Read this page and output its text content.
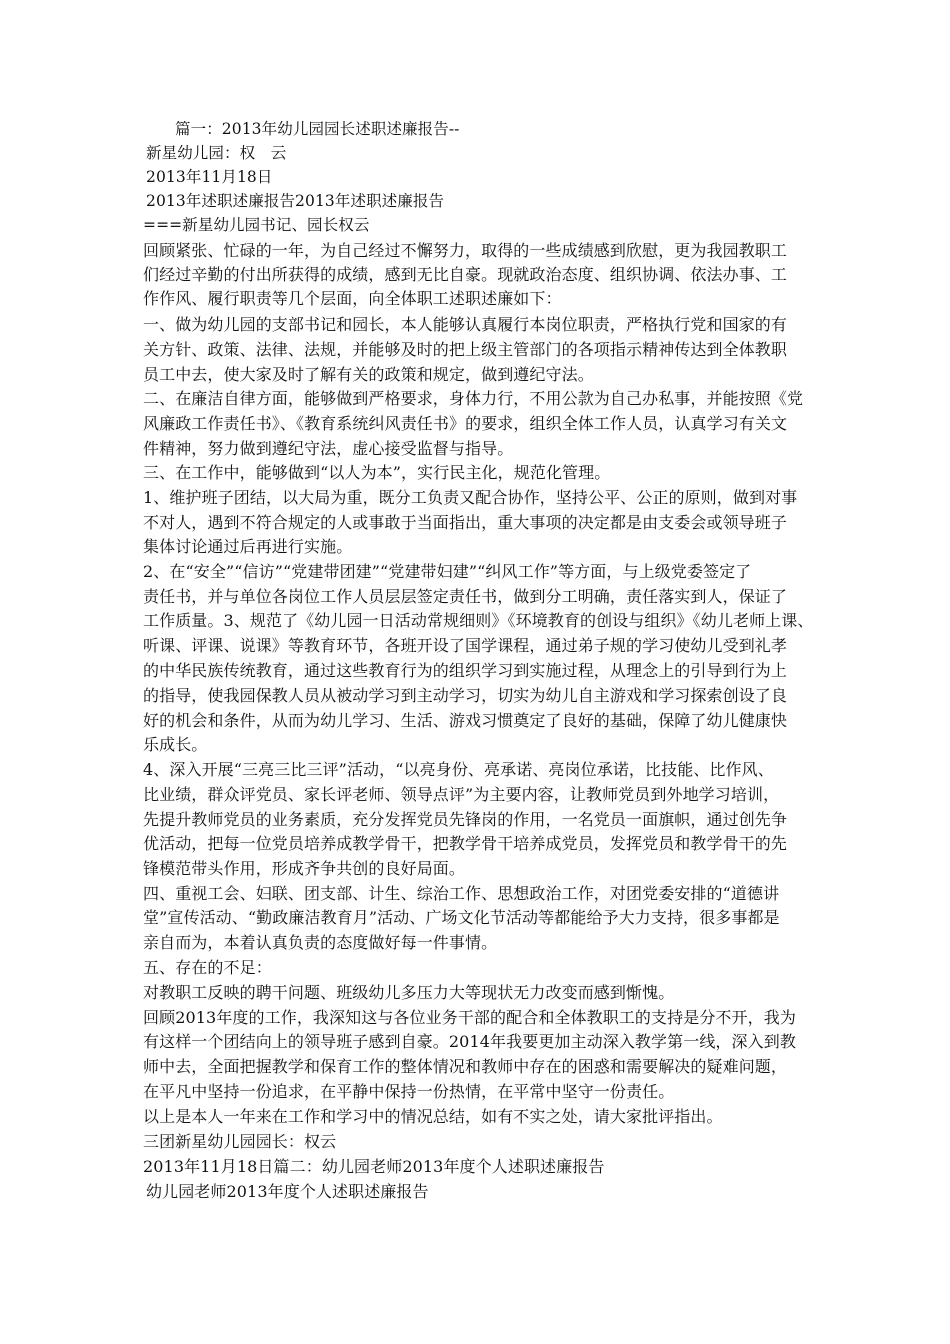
篇一：2013年幼儿园园长述职述廉报告--
新星幼儿园：权　云
2013年11月18日
2013年述职述廉报告2013年述职述廉报告
===新星幼儿园书记、园长权云
回顾紧张、忙碌的一年，为自己经过不懈努力，取得的一些成绩感到欣慰，更为我园教职工
们经过辛勤的付出所获得的成绩，感到无比自豪。现就政治态度、组织协调、依法办事、工
作作风、履行职责等几个层面，向全体职工述职述廉如下：
一、做为幼儿园的支部书记和园长，本人能够认真履行本岗位职责，严格执行党和国家的有
关方针、政策、法律、法规，并能够及时的把上级主管部门的各项指示精神传达到全体教职
员工中去，使大家及时了解有关的政策和规定，做到遵纪守法。
二、在廉洁自律方面，能够做到严格要求，身体力行，不用公款为自己办私事，并能按照《党
风廉政工作责任书》、《教育系统纠风责任书》的要求，组织全体工作人员，认真学习有关文
件精神，努力做到遵纪守法，虚心接受监督与指导。
三、在工作中，能够做到“以人为本”，实行民主化，规范化管理。
1、维护班子团结，以大局为重，既分工负责又配合协作，坚持公平、公正的原则，做到对事
不对人，遇到不符合规定的人或事敢于当面指出，重大事项的决定都是由支委会或领导班子
集体讨论通过后再进行实施。
2、在“安全”“信访”“党建带团建”“党建带妇建”“纠风工作”等方面，与上级党委签定了
责任书，并与单位各岗位工作人员层层签定责任书，做到分工明确，责任落实到人，保证了
工作质量。3、规范了《幼儿园一日活动常规细则》《环境教育的创设与组织》《幼儿老师上课、
听课、评课、说课》等教育环节，各班开设了国学课程，通过弟子规的学习使幼儿受到礼孝
的中华民族传统教育，通过这些教育行为的组织学习到实施过程，从理念上的引导到行为上
的指导，使我园保教人员从被动学习到主动学习，切实为幼儿自主游戏和学习探索创设了良
好的机会和条件，从而为幼儿学习、生活、游戏习惯奠定了良好的基础，保障了幼儿健康快
乐成长。
4、深入开展“三亮三比三评”活动，“以亮身份、亮承诺、亮岗位承诺，比技能、比作风、
比业绩，群众评党员、家长评老师、领导点评”为主要内容，让教师党员到外地学习培训，
先提升教师党员的业务素质，充分发挥党员先锋岗的作用，一名党员一面旗帜，通过创先争
优活动，把每一位党员培养成教学骨干，把教学骨干培养成党员，发挥党员和教学骨干的先
锋模范带头作用，形成齐争共创的良好局面。
四、重视工会、妇联、团支部、计生、综治工作、思想政治工作，对团党委安排的“道德讲
堂”宣传活动、“勤政廉洁教育月”活动、广场文化节活动等都能给予大力支持，很多事都是
亲自而为，本着认真负责的态度做好每一件事情。
五、存在的不足：
对教职工反映的聘干问题、班级幼儿多压力大等现状无力改变而感到惭愧。
回顾2013年度的工作，我深知这与各位业务干部的配合和全体教职工的支持是分不开，我为
有这样一个团结向上的领导班子感到自豪。2014年我要更加主动深入教学第一线，深入到教
师中去，全面把握教学和保育工作的整体情况和教师中存在的困惑和需要解决的疑难问题，
在平凡中坚持一份追求，在平静中保持一份热情，在平常中坚守一份责任。
以上是本人一年来在工作和学习中的情况总结，如有不实之处，请大家批评指出。
三团新星幼儿园园长：权云
2013年11月18日篇二：幼儿园老师2013年度个人述职述廉报告
幼儿园老师2013年度个人述职述廉报告
